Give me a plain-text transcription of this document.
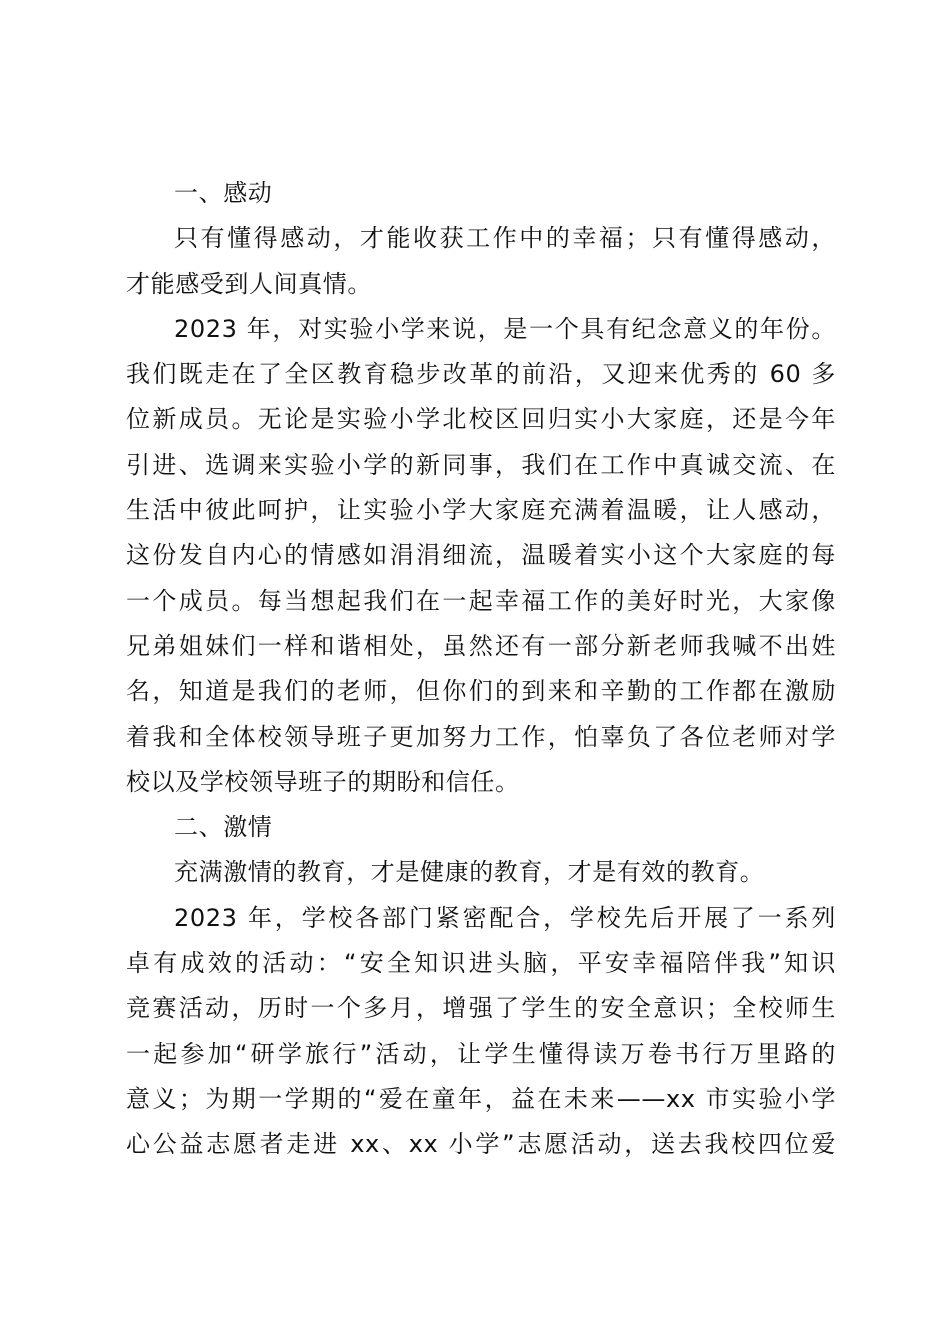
一、感动
只有懂得感动，才能收获工作中的幸福；只有懂得感动，
才能感受到人间真情。
2023 年，对实验小学来说，是一个具有纪念意义的年份。
我们既走在了全区教育稳步改革的前沿，又迎来优秀的 60 多
位新成员。无论是实验小学北校区回归实小大家庭，还是今年
引进、选调来实验小学的新同事，我们在工作中真诚交流、在
生活中彼此呵护，让实验小学大家庭充满着温暖，让人感动，
这份发自内心的情感如涓涓细流，温暖着实小这个大家庭的每
一个成员。每当想起我们在一起幸福工作的美好时光，大家像
兄弟姐妹们一样和谐相处，虽然还有一部分新老师我喊不出姓
名，知道是我们的老师，但你们的到来和辛勤的工作都在激励
着我和全体校领导班子更加努力工作，怕辜负了各位老师对学
校以及学校领导班子的期盼和信任。
二、激情
充满激情的教育，才是健康的教育，才是有效的教育。
2023 年，学校各部门紧密配合，学校先后开展了一系列
卓有成效的活动：“安全知识进头脑，平安幸福陪伴我”知识
竞赛活动，历时一个多月，增强了学生的安全意识；全校师生
一起参加“研学旅行”活动，让学生懂得读万卷书行万里路的
意义；为期一学期的“爱在童年，益在未来——xx 市实验小学
心公益志愿者走进 xx、xx 小学”志愿活动，送去我校四位爱
